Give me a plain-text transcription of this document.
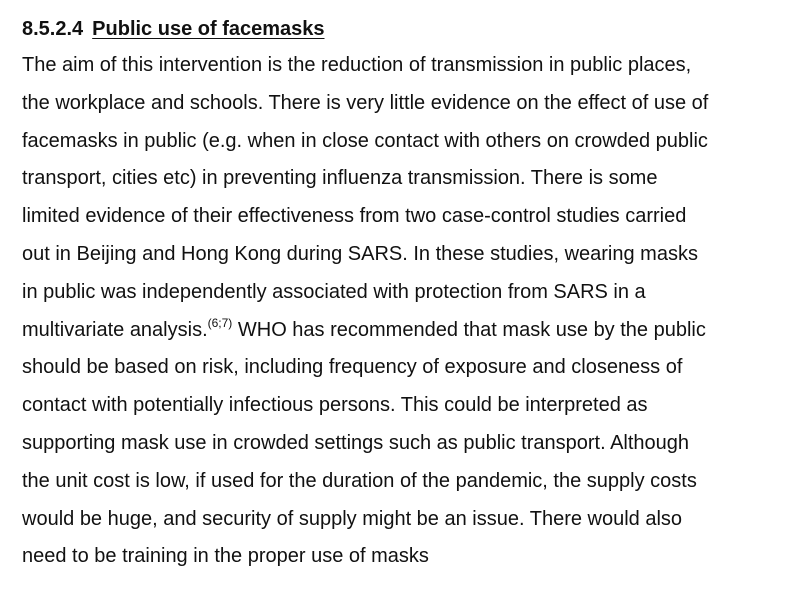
8.5.2.4 Public use of facemasks

The aim of this intervention is the reduction of transmission in public places,
the workplace and schools. There is very little evidence on the effect of use of
facemasks in public (e.g. when in close contact with others on crowded public
transport, cities etc) in preventing influenza transmission. There is some
limited evidence of their effectiveness from two case-control studies carried
out in Beijing and Hong Kong during SARS. In these studies, wearing masks
in public was independently associated with protection from SARS in a
multivariate analysis.$^{(6;7)}$ WHO has recommended that mask use by the public
should be based on risk, including frequency of exposure and closeness of
contact with potentially infectious persons. This could be interpreted as
supporting mask use in crowded settings such as public transport. Although
the unit cost is low, if used for the duration of the pandemic, the supply costs
would be huge, and security of supply might be an issue. There would also
need to be training in the proper use of masks
